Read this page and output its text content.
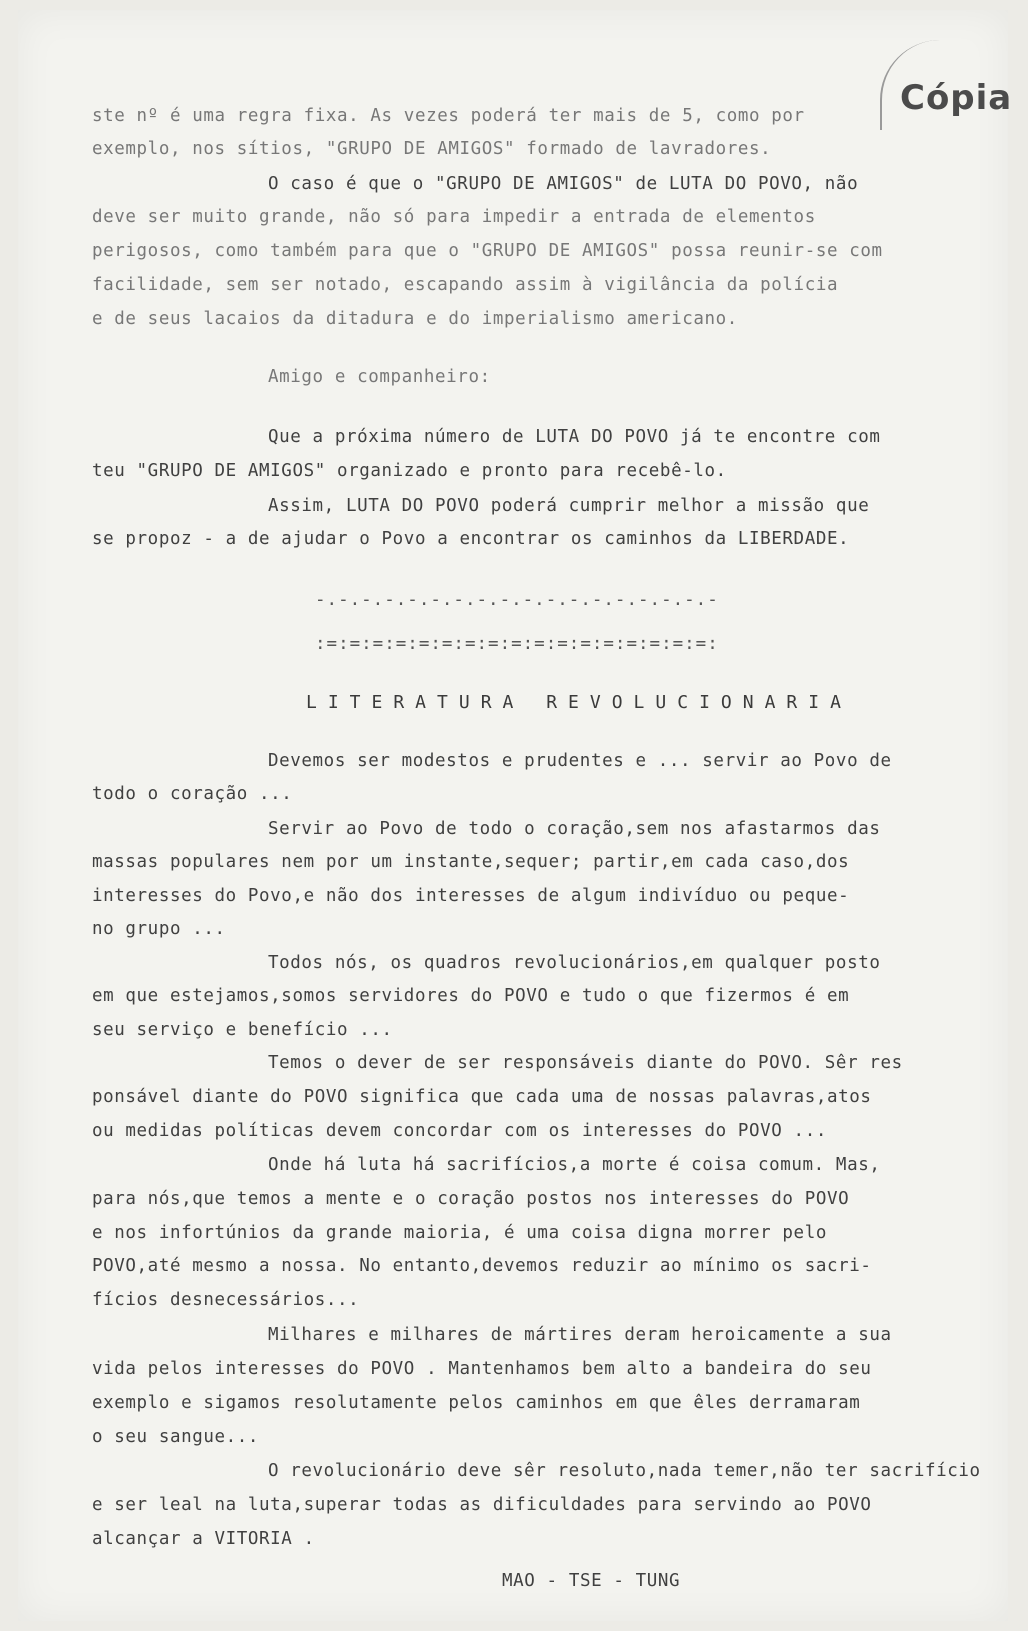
Cópia
ste nº é uma regra fixa. As vezes poderá ter mais de 5, como por
exemplo, nos sítios, "GRUPO DE AMIGOS" formado de lavradores.
O caso é que o "GRUPO DE AMIGOS" de LUTA DO POVO, não
deve ser muito grande, não só para impedir a entrada de elementos
perigosos, como também para que o "GRUPO DE AMIGOS" possa reunir-se com
facilidade, sem ser notado, escapando assim à vigilância da polícia
e de seus lacaios da ditadura e do imperialismo americano.
Amigo e companheiro:
Que a próxima número de LUTA DO POVO já te encontre com
teu "GRUPO DE AMIGOS" organizado e pronto para recebê-lo.
Assim, LUTA DO POVO poderá cumprir melhor a missão que
se propoz - a de ajudar o Povo a encontrar os caminhos da LIBERDADE.
-.-.-.-.-.-.-.-.-.-.-.-.-.-.-.-.-.-
:=:=:=:=:=:=:=:=:=:=:=:=:=:=:=:=:=:
LITERATURA REVOLUCIONARIA
Devemos ser modestos e prudentes e ... servir ao Povo de
todo o coração ...
Servir ao Povo de todo o coração,sem nos afastarmos das
massas populares nem por um instante,sequer; partir,em cada caso,dos
interesses do Povo,e não dos interesses de algum indivíduo ou peque-
no grupo ...
Todos nós, os quadros revolucionários,em qualquer posto
em que estejamos,somos servidores do POVO e tudo o que fizermos é em
seu serviço e benefício ...
Temos o dever de ser responsáveis diante do POVO. Sêr res
ponsável diante do POVO significa que cada uma de nossas palavras,atos
ou medidas políticas devem concordar com os interesses do POVO ...
Onde há luta há sacrifícios,a morte é coisa comum. Mas,
para nós,que temos a mente e o coração postos nos interesses do POVO
e nos infortúnios da grande maioria, é uma coisa digna morrer pelo
POVO,até mesmo a nossa. No entanto,devemos reduzir ao mínimo os sacri-
fícios desnecessários...
Milhares e milhares de mártires deram heroicamente a sua
vida pelos interesses do POVO . Mantenhamos bem alto a bandeira do seu
exemplo e sigamos resolutamente pelos caminhos em que êles derramaram
o seu sangue...
O revolucionário deve sêr resoluto,nada temer,não ter sacrifício
e ser leal na luta,superar todas as dificuldades para servindo ao POVO
alcançar a VITORIA .
MAO - TSE - TUNG
